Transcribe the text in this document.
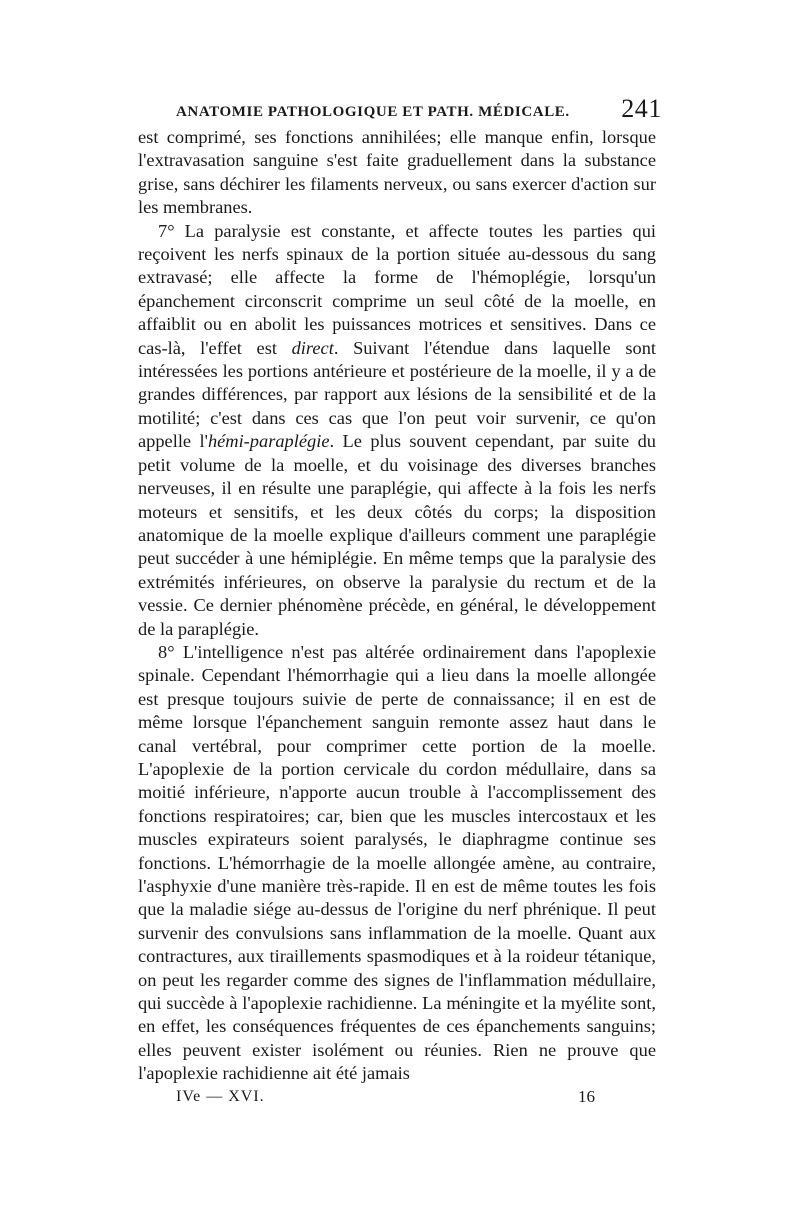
ANATOMIE PATHOLOGIQUE ET PATH. MÉDICALE. 241

est comprimé, ses fonctions annihilées; elle manque enfin, lorsque l'extravasation sanguine s'est faite graduellement dans la substance grise, sans déchirer les filaments nerveux, ou sans exercer d'action sur les membranes.

7° La paralysie est constante, et affecte toutes les parties qui reçoivent les nerfs spinaux de la portion située au-dessous du sang extravasé; elle affecte la forme de l'hémoplégie, lorsqu'un épanchement circonscrit comprime un seul côté de la moelle, en affaiblit ou en abolit les puissances motrices et sensitives. Dans ce cas-là, l'effet est direct. Suivant l'étendue dans laquelle sont intéressées les portions antérieure et postérieure de la moelle, il y a de grandes différences, par rapport aux lésions de la sensibilité et de la motilité; c'est dans ces cas que l'on peut voir survenir, ce qu'on appelle l'hémi-paraplégie. Le plus souvent cependant, par suite du petit volume de la moelle, et du voisinage des diverses branches nerveuses, il en résulte une paraplégie, qui affecte à la fois les nerfs moteurs et sensitifs, et les deux côtés du corps; la disposition anatomique de la moelle explique d'ailleurs comment une paraplégie peut succéder à une hémiplégie. En même temps que la paralysie des extrémités inférieures, on observe la paralysie du rectum et de la vessie. Ce dernier phénomène précède, en général, le développement de la paraplégie.

8° L'intelligence n'est pas altérée ordinairement dans l'apoplexie spinale. Cependant l'hémorrhagie qui a lieu dans la moelle allongée est presque toujours suivie de perte de connaissance; il en est de même lorsque l'épanchement sanguin remonte assez haut dans le canal vertébral, pour comprimer cette portion de la moelle. L'apoplexie de la portion cervicale du cordon médullaire, dans sa moitié inférieure, n'apporte aucun trouble à l'accomplissement des fonctions respiratoires; car, bien que les muscles intercostaux et les muscles expirateurs soient paralysés, le diaphragme continue ses fonctions. L'hémorrhagie de la moelle allongée amène, au contraire, l'asphyxie d'une manière très-rapide. Il en est de même toutes les fois que la maladie siége au-dessus de l'origine du nerf phrénique. Il peut survenir des convulsions sans inflammation de la moelle. Quant aux contractures, aux tiraillements spasmodiques et à la roideur tétanique, on peut les regarder comme des signes de l'inflammation médullaire, qui succède à l'apoplexie rachidienne. La méningite et la myélite sont, en effet, les conséquences fréquentes de ces épanchements sanguins; elles peuvent exister isolément ou réunies. Rien ne prouve que l'apoplexie rachidienne ait été jamais

IVe — XVI.	16
